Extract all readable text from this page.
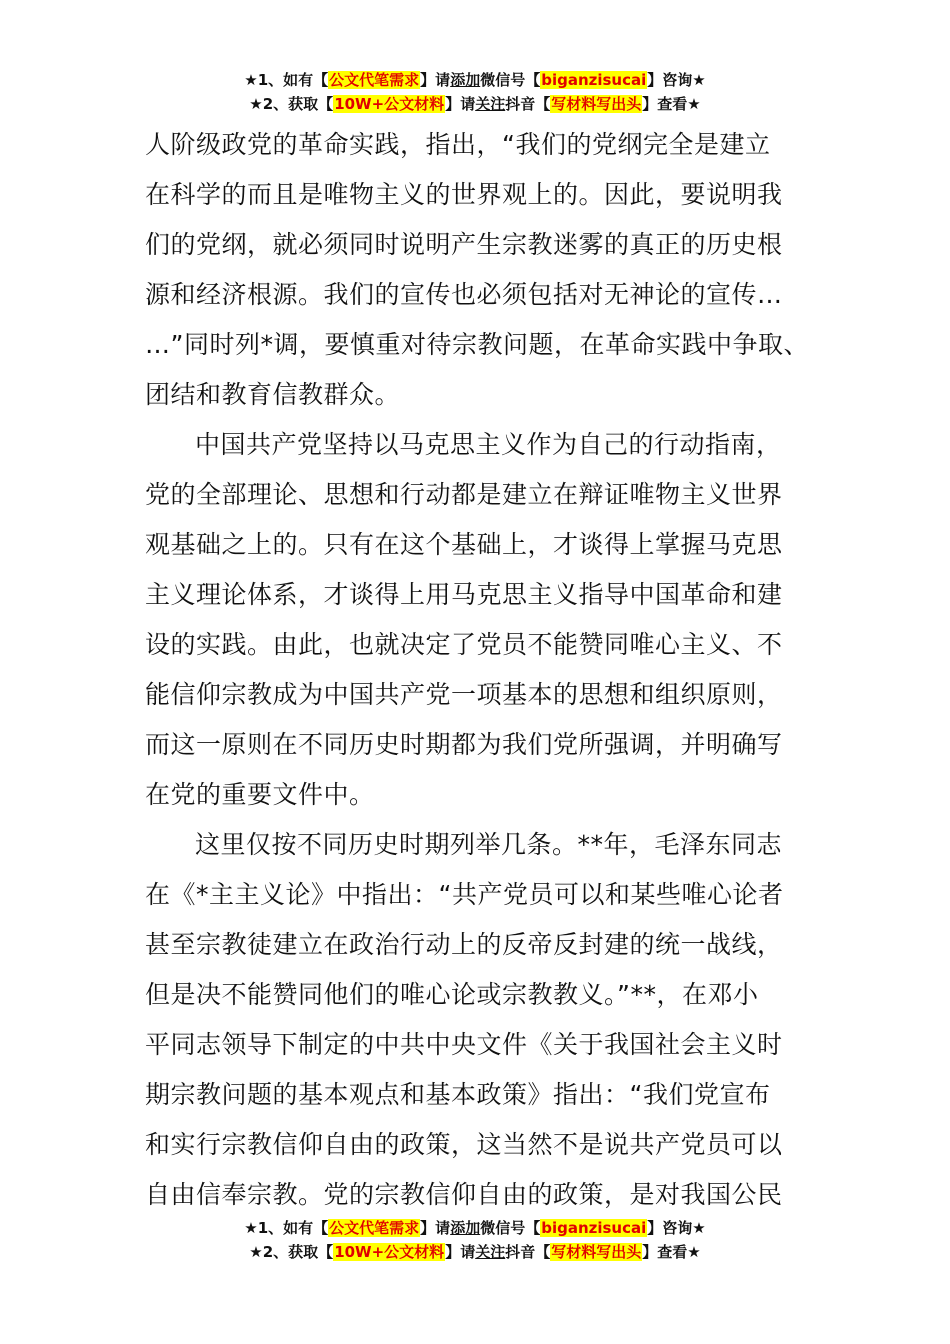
★1、如有【公文代笔需求】请添加微信号【biganzisucai】咨询★
★2、获取【10W+公文材料】请关注抖音【写材料写出头】查看★
人阶级政党的革命实践，指出，“我们的党纲完全是建立
在科学的而且是唯物主义的世界观上的。因此，要说明我
们的党纲，就必须同时说明产生宗教迷雾的真正的历史根
源和经济根源。我们的宣传也必须包括对无神论的宣传…
…”同时列*调，要慎重对待宗教问题，在革命实践中争取、
团结和教育信教群众。
中国共产党坚持以马克思主义作为自己的行动指南，
党的全部理论、思想和行动都是建立在辩证唯物主义世界
观基础之上的。只有在这个基础上，才谈得上掌握马克思
主义理论体系，才谈得上用马克思主义指导中国革命和建
设的实践。由此，也就决定了党员不能赞同唯心主义、不
能信仰宗教成为中国共产党一项基本的思想和组织原则，
而这一原则在不同历史时期都为我们党所强调，并明确写
在党的重要文件中。
这里仅按不同历史时期列举几条。**年，毛泽东同志
在《*主主义论》中指出：“共产党员可以和某些唯心论者
甚至宗教徒建立在政治行动上的反帝反封建的统一战线，
但是决不能赞同他们的唯心论或宗教教义。”**，在邓小
平同志领导下制定的中共中央文件《关于我国社会主义时
期宗教问题的基本观点和基本政策》指出：“我们党宣布
和实行宗教信仰自由的政策，这当然不是说共产党员可以
自由信奉宗教。党的宗教信仰自由的政策，是对我国公民
★1、如有【公文代笔需求】请添加微信号【biganzisucai】咨询★
★2、获取【10W+公文材料】请关注抖音【写材料写出头】查看★
